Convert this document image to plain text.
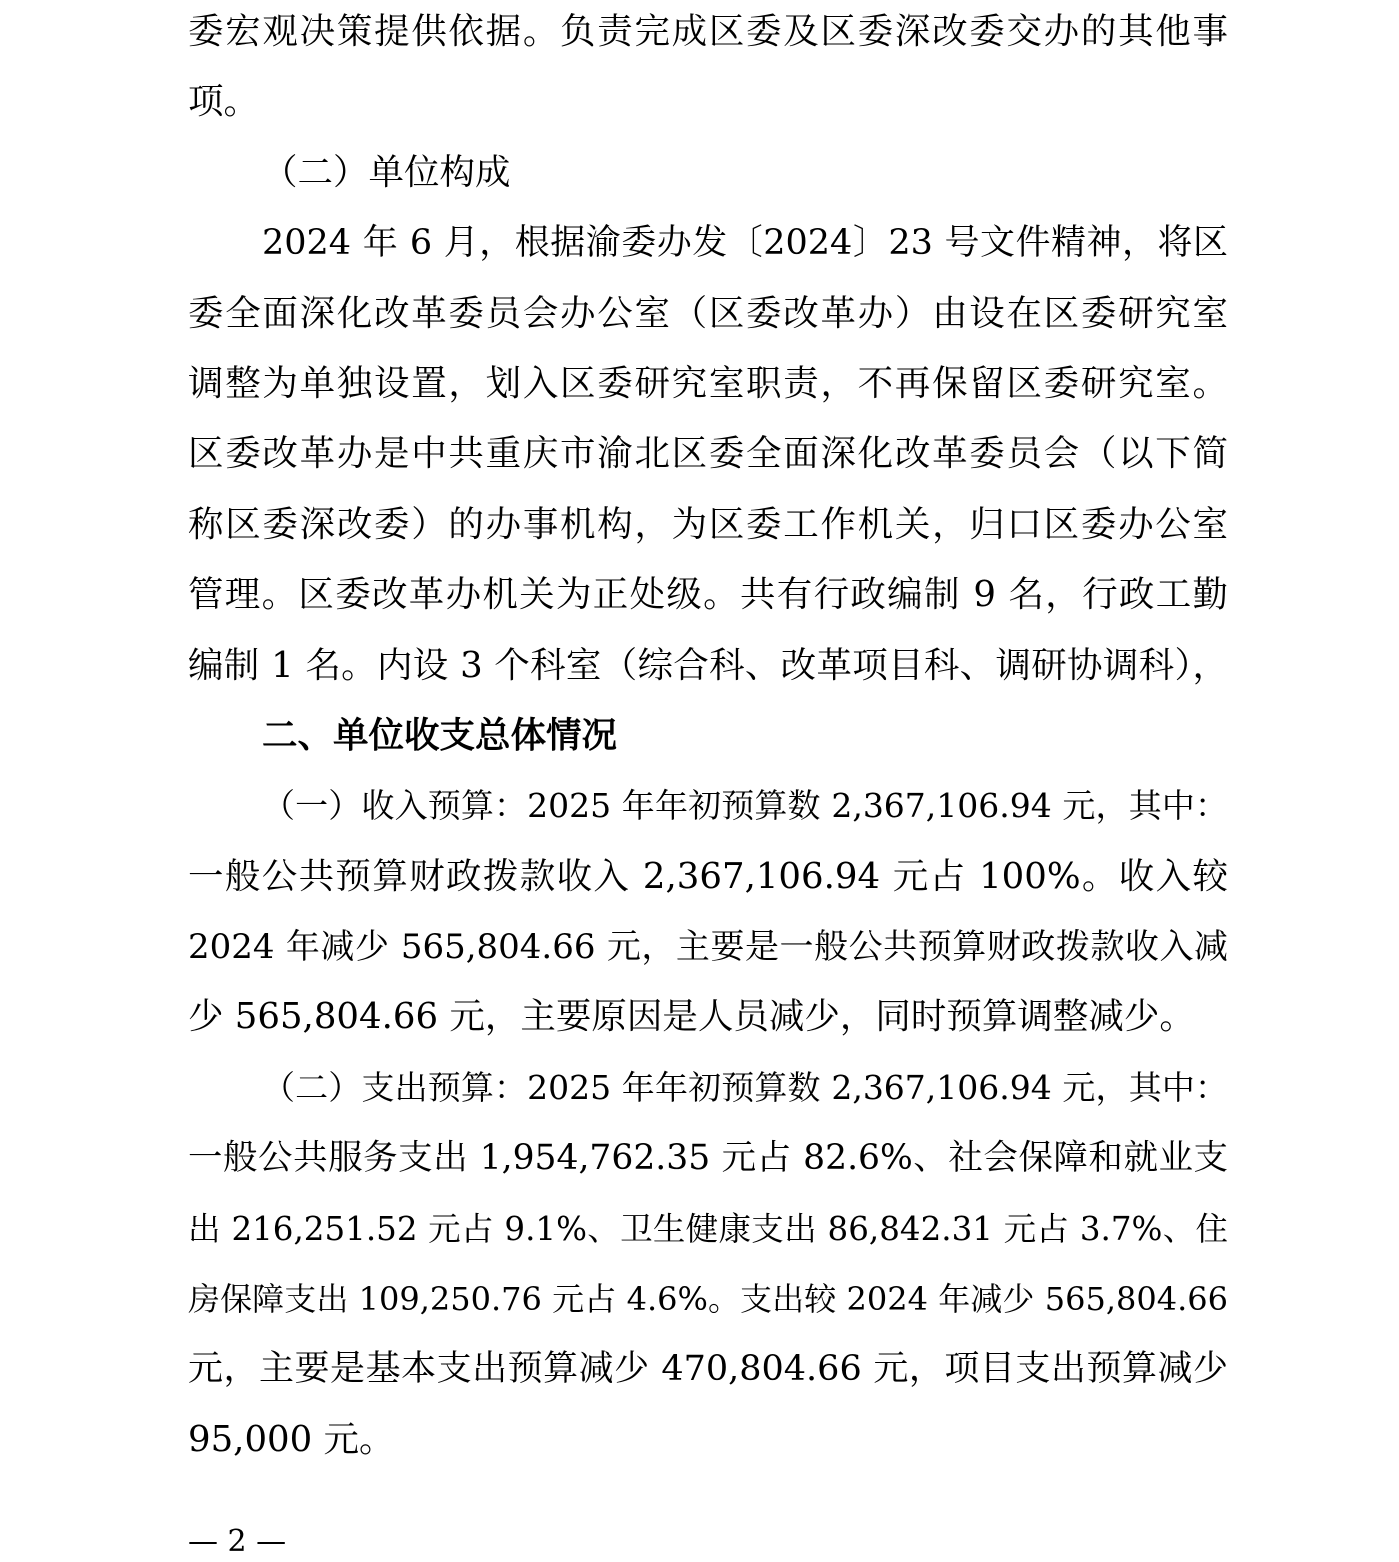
委宏观决策提供依据。负责完成区委及区委深改委交办的其他事
项。
（二）单位构成
2024 年 6 月，根据渝委办发〔2024〕23 号文件精神，将区
委全面深化改革委员会办公室（区委改革办）由设在区委研究室
调整为单独设置，划入区委研究室职责，不再保留区委研究室。
区委改革办是中共重庆市渝北区委全面深化改革委员会（以下简
称区委深改委）的办事机构，为区委工作机关，归口区委办公室
管理。区委改革办机关为正处级。共有行政编制 9 名，行政工勤
编制 1 名。内设 3 个科室（综合科、改革项目科、调研协调科），
二、单位收支总体情况
（一）收入预算：2025 年年初预算数 2,367,106.94 元，其中：
一般公共预算财政拨款收入 2,367,106.94 元占 100%。收入较
2024 年减少 565,804.66 元，主要是一般公共预算财政拨款收入减
少 565,804.66 元，主要原因是人员减少，同时预算调整减少。
（二）支出预算：2025 年年初预算数 2,367,106.94 元，其中：
一般公共服务支出 1,954,762.35 元占 82.6%、社会保障和就业支
出 216,251.52 元占 9.1%、卫生健康支出 86,842.31 元占 3.7%、住
房保障支出 109,250.76 元占 4.6%。支出较 2024 年减少 565,804.66
元，主要是基本支出预算减少 470,804.66 元，项目支出预算减少
95,000 元。
— 2 —
